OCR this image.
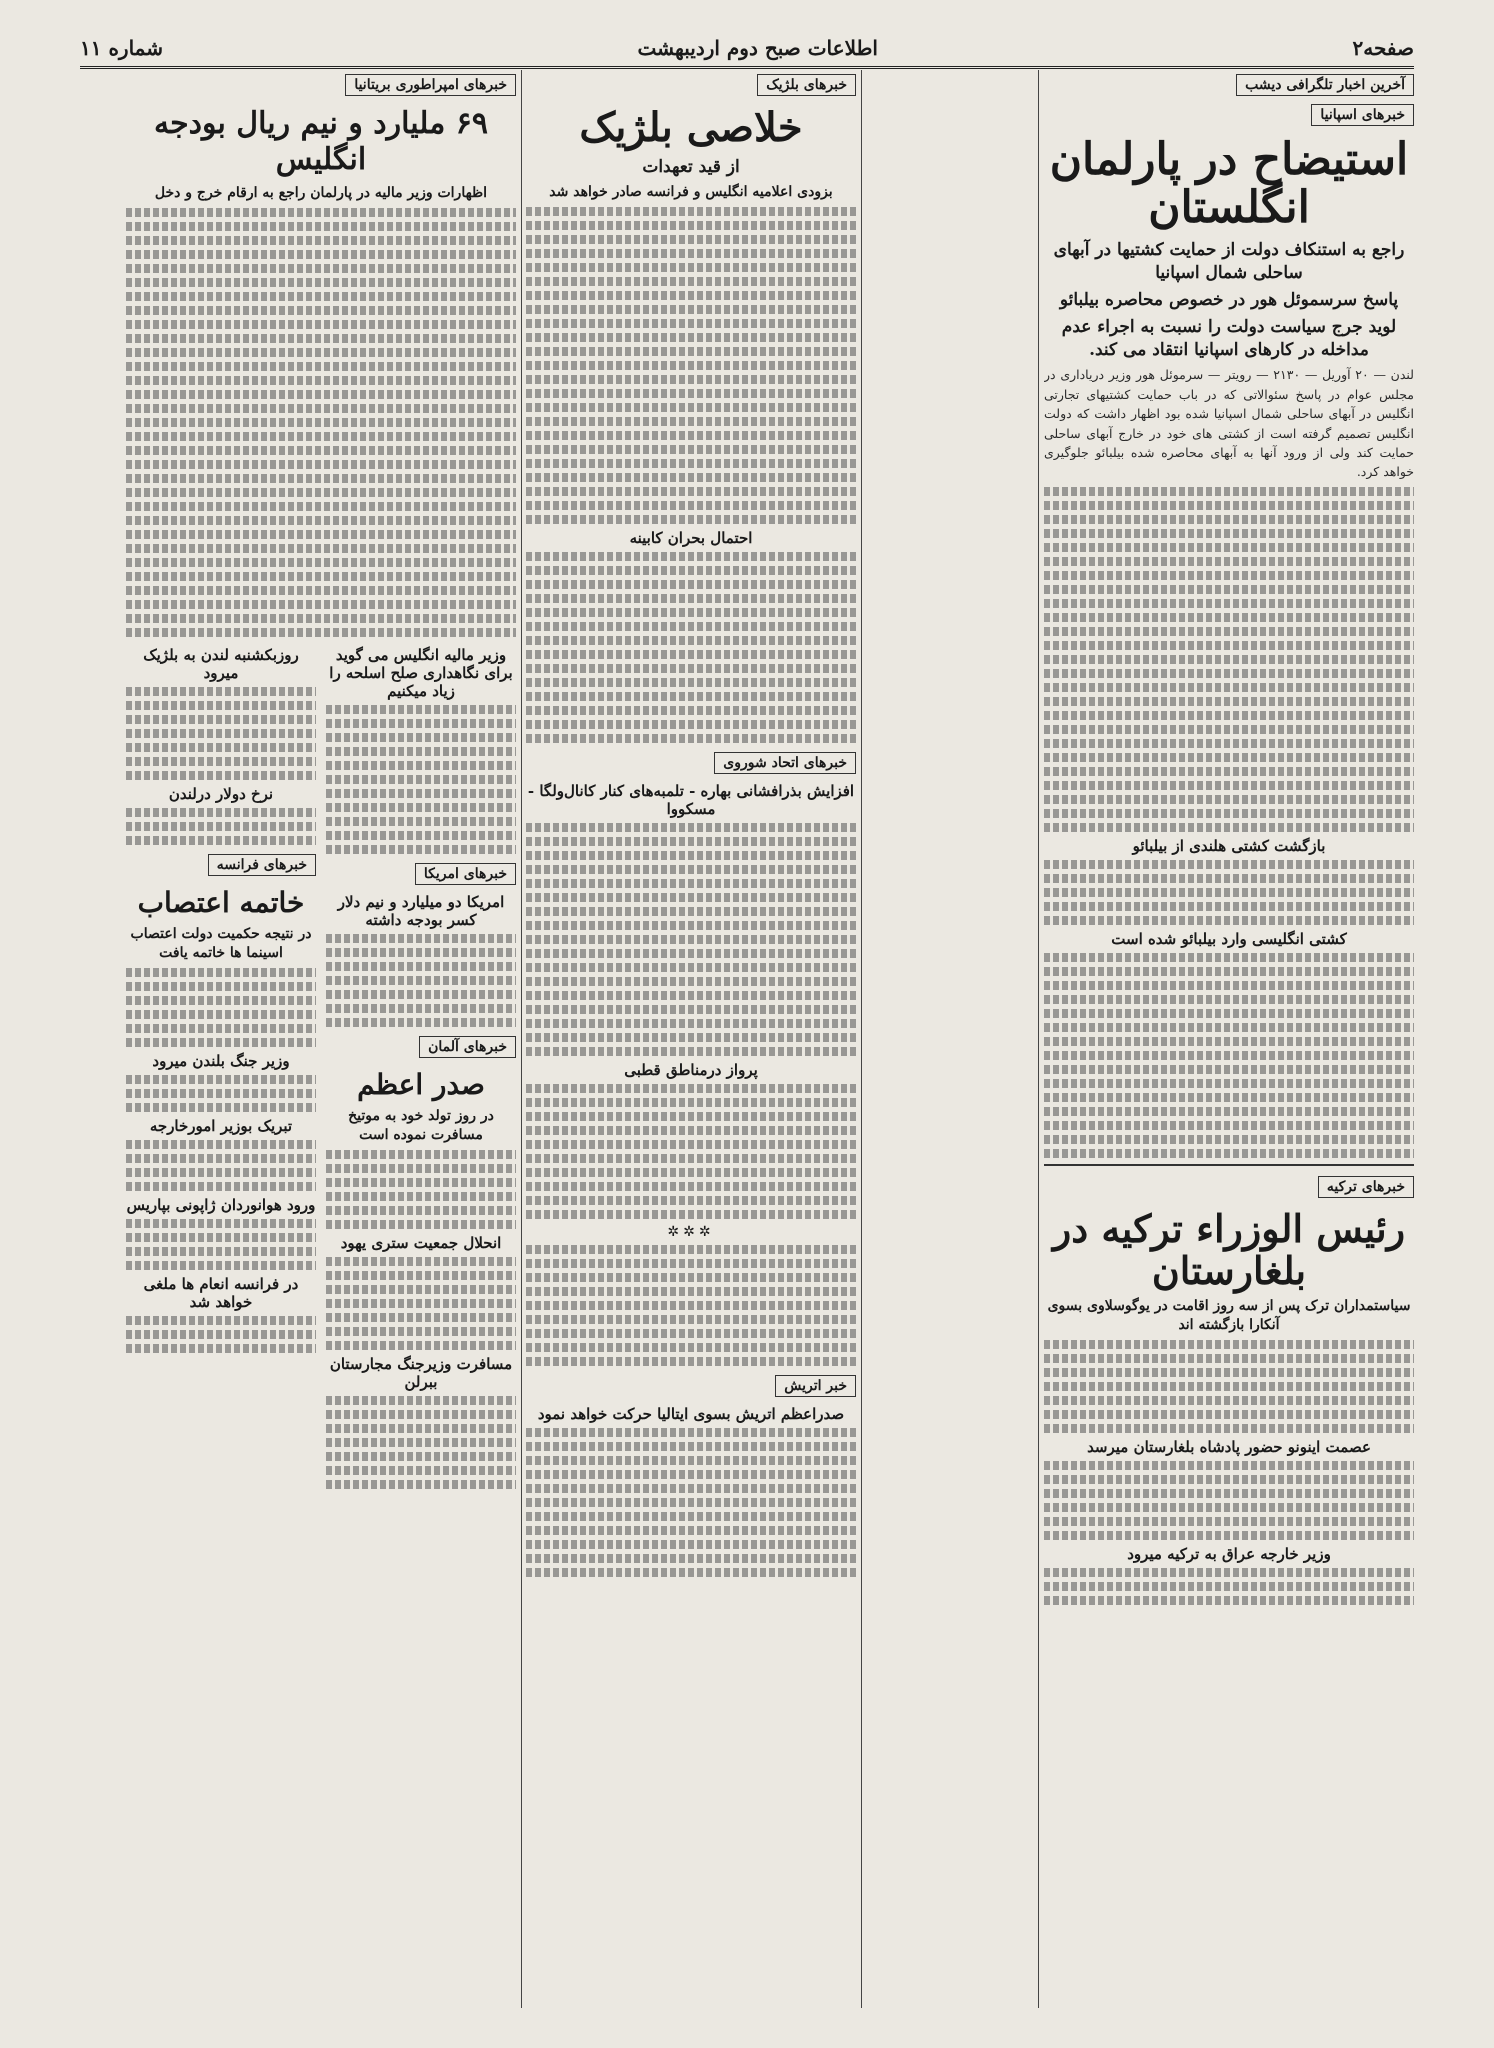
صفحه۲
اطلاعات صبح دوم اردیبهشت
شماره ۱۱
آخرین اخبار تلگرافی دیشب
خبرهای اسپانیا
استیضاح در پارلمان انگلستان
راجع به استنکاف دولت از حمایت کشتیها در آبهای ساحلی شمال اسپانیا
پاسخ سرسموئل هور در خصوص محاصره بیلبائو
لوید جرج سیاست دولت را نسبت به اجراء عدم مداخله در کارهای اسپانیا انتقاد می کند.
لندن — ۲۰ آوریل — ۲۱۳۰ — رویتر — سرموئل هور وزیر دریاداری در مجلس عوام در پاسخ سئوالاتی که در باب حمایت کشتیهای تجارتی انگلیس در آبهای ساحلی شمال اسپانیا شده بود اظهار داشت که دولت انگلیس تصمیم گرفته است از کشتی های خود در خارج آبهای ساحلی حمایت کند ولی از ورود آنها به آبهای محاصره شده بیلبائو جلوگیری خواهد کرد.
بازگشت کشتی هلندی از بیلبائو
کشتی انگلیسی وارد بیلبائو شده است
خبرهای ترکیه
رئیس الوزراء ترکیه در بلغارستان
سیاستمداران ترک پس از سه روز اقامت در یوگوسلاوی بسوی آنکارا بازگشته اند
عصمت اینونو حضور پادشاه بلغارستان میرسد
وزیر خارجه عراق به ترکیه میرود
خبرهای بلژیک
خلاصی بلژیک
از قید تعهدات
بزودی اعلامیه انگلیس و فرانسه صادر خواهد شد
احتمال بحران کابینه
خبرهای اتحاد شوروی
افزایش بذرافشانی بهاره - تلمبه‌های کنار کانال‌ولگا - مسکووا
پرواز درمناطق قطبی
✲✲✲
خبر اتریش
صدراعظم اتریش بسوی ایتالیا حرکت خواهد نمود
خبرهای امپراطوری بریتانیا
۶۹ ملیارد و نیم ریال بودجه انگلیس
اظهارات وزیر مالیه در پارلمان راجع به ارقام خرج و دخل
وزیر مالیه انگلیس می گوید برای نگاهداری صلح اسلحه را زیاد میکنیم
خبرهای امریکا
امریکا دو میلیارد و نیم دلار کسر بودجه داشته
خبرهای آلمان
صدر اعظم
در روز تولد خود به موتیخ مسافرت نموده است
انحلال جمعیت ستری یهود
مسافرت وزیرجنگ مجارستان ببرلن
روزبکشنبه لندن به بلژیک میرود
نرخ دولار درلندن
خبرهای فرانسه
خاتمه اعتصاب
در نتیجه حکمیت دولت اعتصاب اسینما ها خاتمه یافت
وزیر جنگ بلندن میرود
تبریک بوزیر امورخارجه
ورود هوانوردان ژاپونی بپاریس
در فرانسه انعام ها ملغی خواهد شد
